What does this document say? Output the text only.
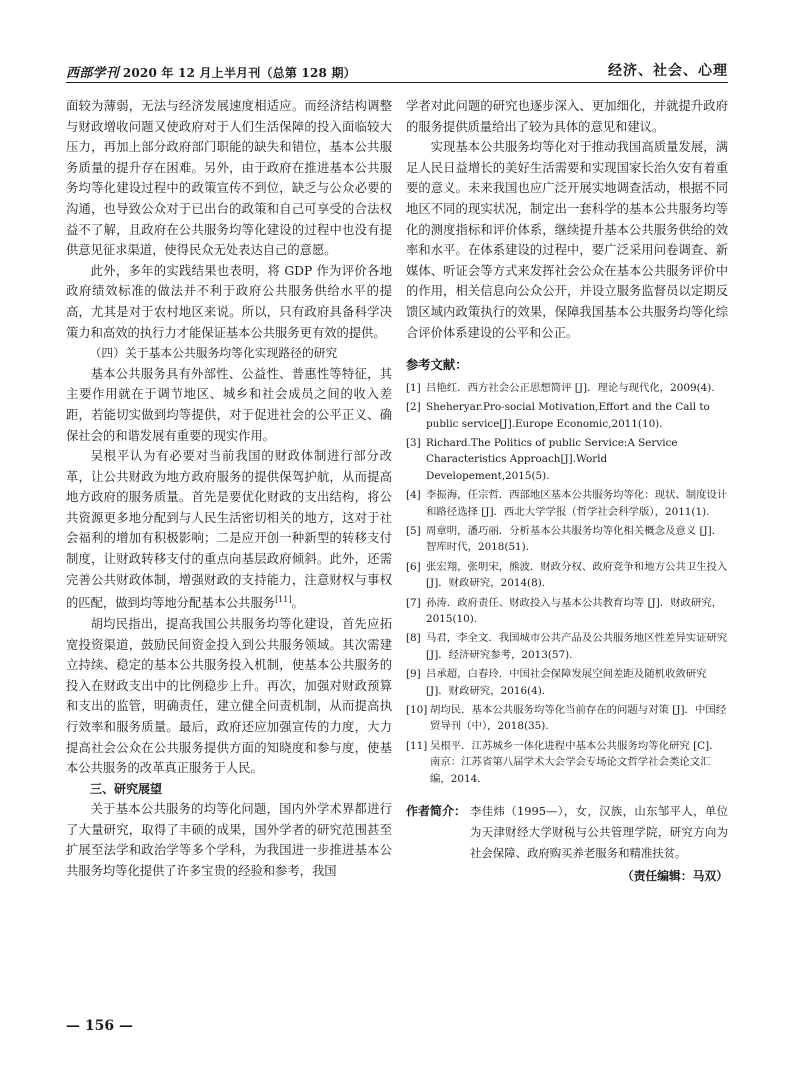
西部学刊 2020 年 12 月上半月刊（总第 128 期）	经济、社会、心理

面较为薄弱，无法与经济发展速度相适应。而经济结构调整与财政增收问题又使政府对于人们生活保障的投入面临较大压力，再加上部分政府部门职能的缺失和错位，基本公共服务质量的提升存在困难。另外，由于政府在推进基本公共服务均等化建设过程中的政策宣传不到位，缺乏与公众必要的沟通，也导致公众对于已出台的政策和自己可享受的合法权益不了解，且政府在公共服务均等化建设的过程中也没有提供意见征求渠道，使得民众无处表达自己的意愿。

此外，多年的实践结果也表明，将 GDP 作为评价各地政府绩效标准的做法并不利于政府公共服务供给水平的提高，尤其是对于农村地区来说。所以，只有政府具备科学决策力和高效的执行力才能保证基本公共服务更有效的提供。

（四）关于基本公共服务均等化实现路径的研究

基本公共服务具有外部性、公益性、普惠性等特征，其主要作用就在于调节地区、城乡和社会成员之间的收入差距，若能切实做到均等提供，对于促进社会的公平正义、确保社会的和谐发展有重要的现实作用。

吴根平认为有必要对当前我国的财政体制进行部分改革，让公共财政为地方政府服务的提供保驾护航，从而提高地方政府的服务质量。首先是要优化财政的支出结构，将公共资源更多地分配到与人民生活密切相关的地方，这对于社会福利的增加有积极影响；二是应开创一种新型的转移支付制度，让财政转移支付的重点向基层政府倾斜。此外，还需完善公共财政体制，增强财政的支持能力，注意财权与事权的匹配，做到均等地分配基本公共服务[11]。

胡均民指出，提高我国公共服务均等化建设，首先应拓宽投资渠道，鼓励民间资金投入到公共服务领域。其次需建立持续、稳定的基本公共服务投入机制，使基本公共服务的投入在财政支出中的比例稳步上升。再次，加强对财政预算和支出的监管，明确责任，建立健全问责机制，从而提高执行效率和服务质量。最后，政府还应加强宣传的力度，大力提高社会公众在公共服务提供方面的知晓度和参与度，使基本公共服务的改革真正服务于人民。

三、研究展望

关于基本公共服务的均等化问题，国内外学术界都进行了大量研究，取得了丰硕的成果，国外学者的研究范围甚至扩展至法学和政治学等多个学科，为我国进一步推进基本公共服务均等化提供了许多宝贵的经验和参考，我国

学者对此问题的研究也逐步深入、更加细化，并就提升政府的服务提供质量给出了较为具体的意见和建议。

实现基本公共服务均等化对于推动我国高质量发展，满足人民日益增长的美好生活需要和实现国家长治久安有着重要的意义。未来我国也应广泛开展实地调查活动，根据不同地区不同的现实状况，制定出一套科学的基本公共服务均等化的测度指标和评价体系，继续提升基本公共服务供给的效率和水平。在体系建设的过程中，要广泛采用问卷调查、新媒体、听证会等方式来发挥社会公众在基本公共服务评价中的作用，相关信息向公众公开，并设立服务监督员以定期反馈区域内政策执行的效果，保障我国基本公共服务均等化综合评价体系建设的公平和公正。

参考文献：
[1] 吕艳红．西方社会公正思想简评 [J]．理论与现代化，2009(4).
[2] Sheheryar.Pro-social Motivation,Effort and the Call to public service[J].Europe Economic,2011(10).
[3] Richard.The Politics of public Service:A Service Characteristics Approach[J].World Developement,2015(5).
[4] 李振海，任宗哲．西部地区基本公共服务均等化：现状、制度设计和路径选择 [J]．西北大学学报（哲学社会科学版），2011(1).
[5] 周章明，潘巧丽．分析基本公共服务均等化相关概念及意义 [J]．智库时代，2018(51).
[6] 张宏翔，张明宋，熊波．财政分权、政府竞争和地方公共卫生投入 [J]．财政研究，2014(8).
[7] 孙涛．政府责任、财政投入与基本公共教育均等 [J]．财政研究，2015(10).
[8] 马君，李全文．我国城市公共产品及公共服务地区性差异实证研究 [J]．经济研究参考，2013(57).
[9] 吕承超，白春玲．中国社会保障发展空间差距及随机收敛研究 [J]．财政研究，2016(4).
[10] 胡均民．基本公共服务均等化当前存在的问题与对策 [J]．中国经贸导刊（中），2018(35).
[11] 吴根平．江苏城乡一体化进程中基本公共服务均等化研究 [C]．南京：江苏省第八届学术大会学会专场论文哲学社会类论文汇编，2014.
作者简介： 李佳炜（1995—），女，汉族，山东邹平人，单位为天津财经大学财税与公共管理学院，研究方向为社会保障、政府购买养老服务和精准扶贫。
（责任编辑：马双）
— 156 —
